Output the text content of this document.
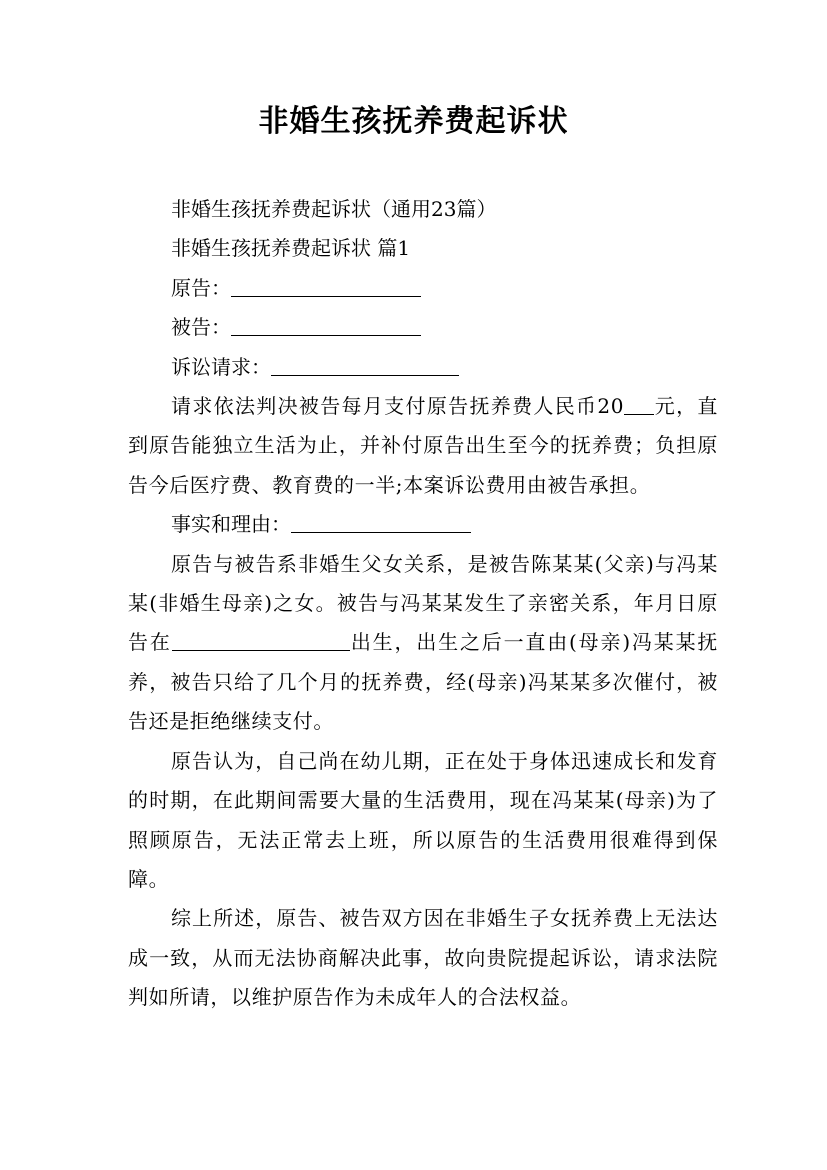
非婚生孩抚养费起诉状

非婚生孩抚养费起诉状（通用23篇）

非婚生孩抚养费起诉状 篇1

原告：

被告：

诉讼请求：

请求依法判决被告每月支付原告抚养费人民币20 元，直到原告能独立生活为止，并补付原告出生至今的抚养费；负担原告今后医疗费、教育费的一半;本案诉讼费用由被告承担。

事实和理由：

原告与被告系非婚生父女关系，是被告陈某某(父亲)与冯某某(非婚生母亲)之女。被告与冯某某发生了亲密关系，年月日原告在	出生，出生之后一直由(母亲)冯某某抚养，被告只给了几个月的抚养费，经(母亲)冯某某多次催付，被告还是拒绝继续支付。

原告认为，自己尚在幼儿期，正在处于身体迅速成长和发育的时期，在此期间需要大量的生活费用，现在冯某某(母亲)为了照顾原告，无法正常去上班，所以原告的生活费用很难得到保障。

综上所述，原告、被告双方因在非婚生子女抚养费上无法达成一致，从而无法协商解决此事，故向贵院提起诉讼，请求法院判如所请，以维护原告作为未成年人的合法权益。
